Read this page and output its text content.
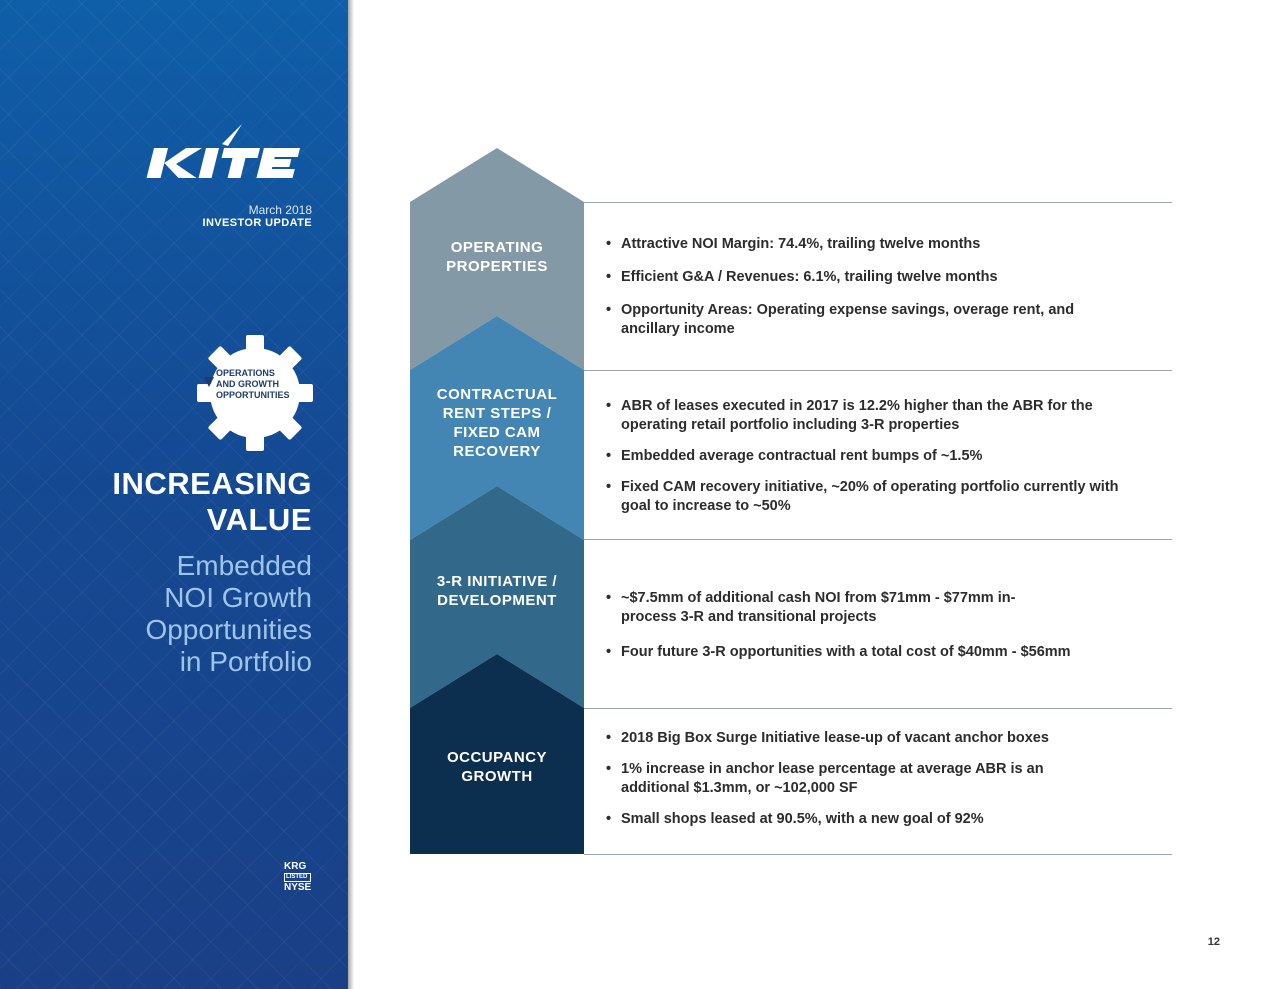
March 2018
INVESTOR UPDATE
OPERATIONS
AND GROWTH
OPPORTUNITIES
INCREASING
VALUE
Embedded
NOI Growth
Opportunities
in Portfolio
KRG
LISTED
NYSE
OPERATING
PROPERTIES
CONTRACTUAL
RENT STEPS /
FIXED CAM
RECOVERY
3-R INITIATIVE /
DEVELOPMENT
OCCUPANCY
GROWTH

• Attractive NOI Margin: 74.4%, trailing twelve months

• Efficient G&A / Revenues: 6.1%, trailing twelve months

• Opportunity Areas: Operating expense savings, overage rent, and ancillary income

• ABR of leases executed in 2017 is 12.2% higher than the ABR for the operating retail portfolio including 3-R properties

• Embedded average contractual rent bumps of ~1.5%

• Fixed CAM recovery initiative, ~20% of operating portfolio currently with goal to increase to ~50%

• ~$7.5mm of additional cash NOI from $71mm - $77mm in-process 3-R and transitional projects

• Four future 3-R opportunities with a total cost of $40mm - $56mm

• 2018 Big Box Surge Initiative lease-up of vacant anchor boxes

• 1% increase in anchor lease percentage at average ABR is an additional $1.3mm, or ~102,000 SF

• Small shops leased at 90.5%, with a new goal of 92%

12
